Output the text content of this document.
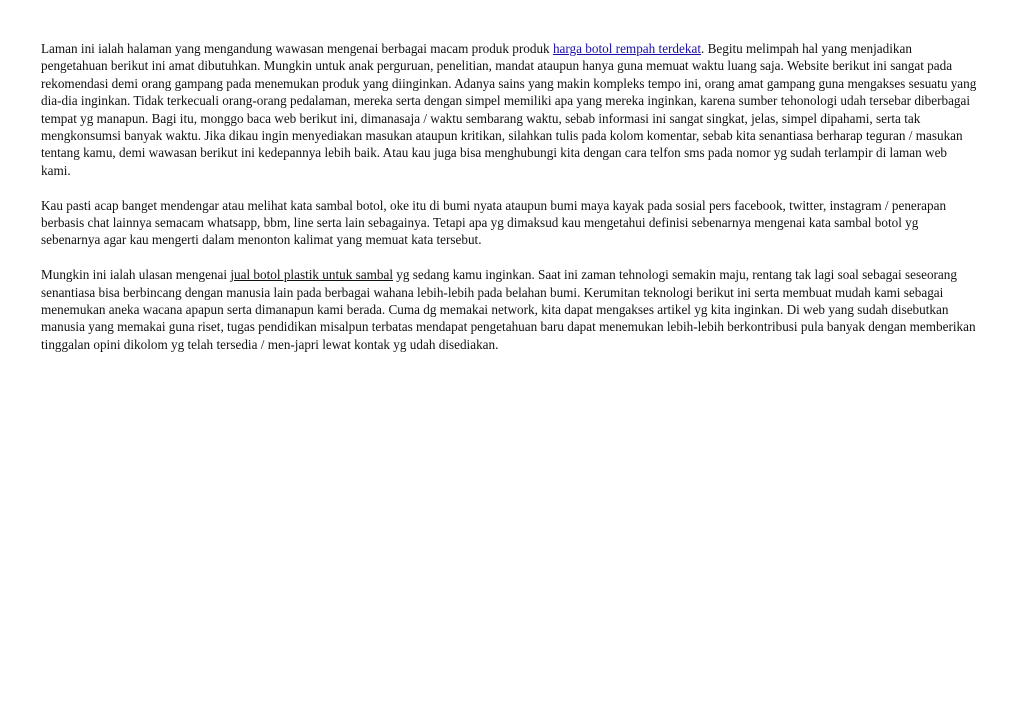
Laman ini ialah halaman yang mengandung wawasan mengenai berbagai macam produk produk harga botol rempah terdekat. Begitu melimpah hal yang menjadikan pengetahuan berikut ini amat dibutuhkan. Mungkin untuk anak perguruan, penelitian, mandat ataupun hanya guna memuat waktu luang saja. Website berikut ini sangat pada rekomendasi demi orang gampang pada menemukan produk yang diinginkan. Adanya sains yang makin kompleks tempo ini, orang amat gampang guna mengakses sesuatu yang dia-dia inginkan. Tidak terkecuali orang-orang pedalaman, mereka serta dengan simpel memiliki apa yang mereka inginkan, karena sumber tehonologi udah tersebar diberbagai tempat yg manapun. Bagi itu, monggo baca web berikut ini, dimanasaja / waktu sembarang waktu, sebab informasi ini sangat singkat, jelas, simpel dipahami, serta tak mengkonsumsi banyak waktu. Jika dikau ingin menyediakan masukan ataupun kritikan, silahkan tulis pada kolom komentar, sebab kita senantiasa berharap teguran / masukan tentang kamu, demi wawasan berikut ini kedepannya lebih baik. Atau kau juga bisa menghubungi kita dengan cara telfon sms pada nomor yg sudah terlampir di laman web kami.

Kau pasti acap banget mendengar atau melihat kata sambal botol, oke itu di bumi nyata ataupun bumi maya kayak pada sosial pers facebook, twitter, instagram / penerapan berbasis chat lainnya semacam whatsapp, bbm, line serta lain sebagainya. Tetapi apa yg dimaksud kau mengetahui definisi sebenarnya mengenai kata sambal botol yg sebenarnya agar kau mengerti dalam menonton kalimat yang memuat kata tersebut.

Mungkin ini ialah ulasan mengenai jual botol plastik untuk sambal yg sedang kamu inginkan. Saat ini zaman tehnologi semakin maju, rentang tak lagi soal sebagai seseorang senantiasa bisa berbincang dengan manusia lain pada berbagai wahana lebih-lebih pada belahan bumi. Kerumitan teknologi berikut ini serta membuat mudah kami sebagai menemukan aneka wacana apapun serta dimanapun kami berada. Cuma dg memakai network, kita dapat mengakses artikel yg kita inginkan. Di web yang sudah disebutkan manusia yang memakai guna riset, tugas pendidikan misalpun terbatas mendapat pengetahuan baru dapat menemukan lebih-lebih berkontribusi pula banyak dengan memberikan tinggalan opini dikolom yg telah tersedia / men-japri lewat kontak yg udah disediakan.
